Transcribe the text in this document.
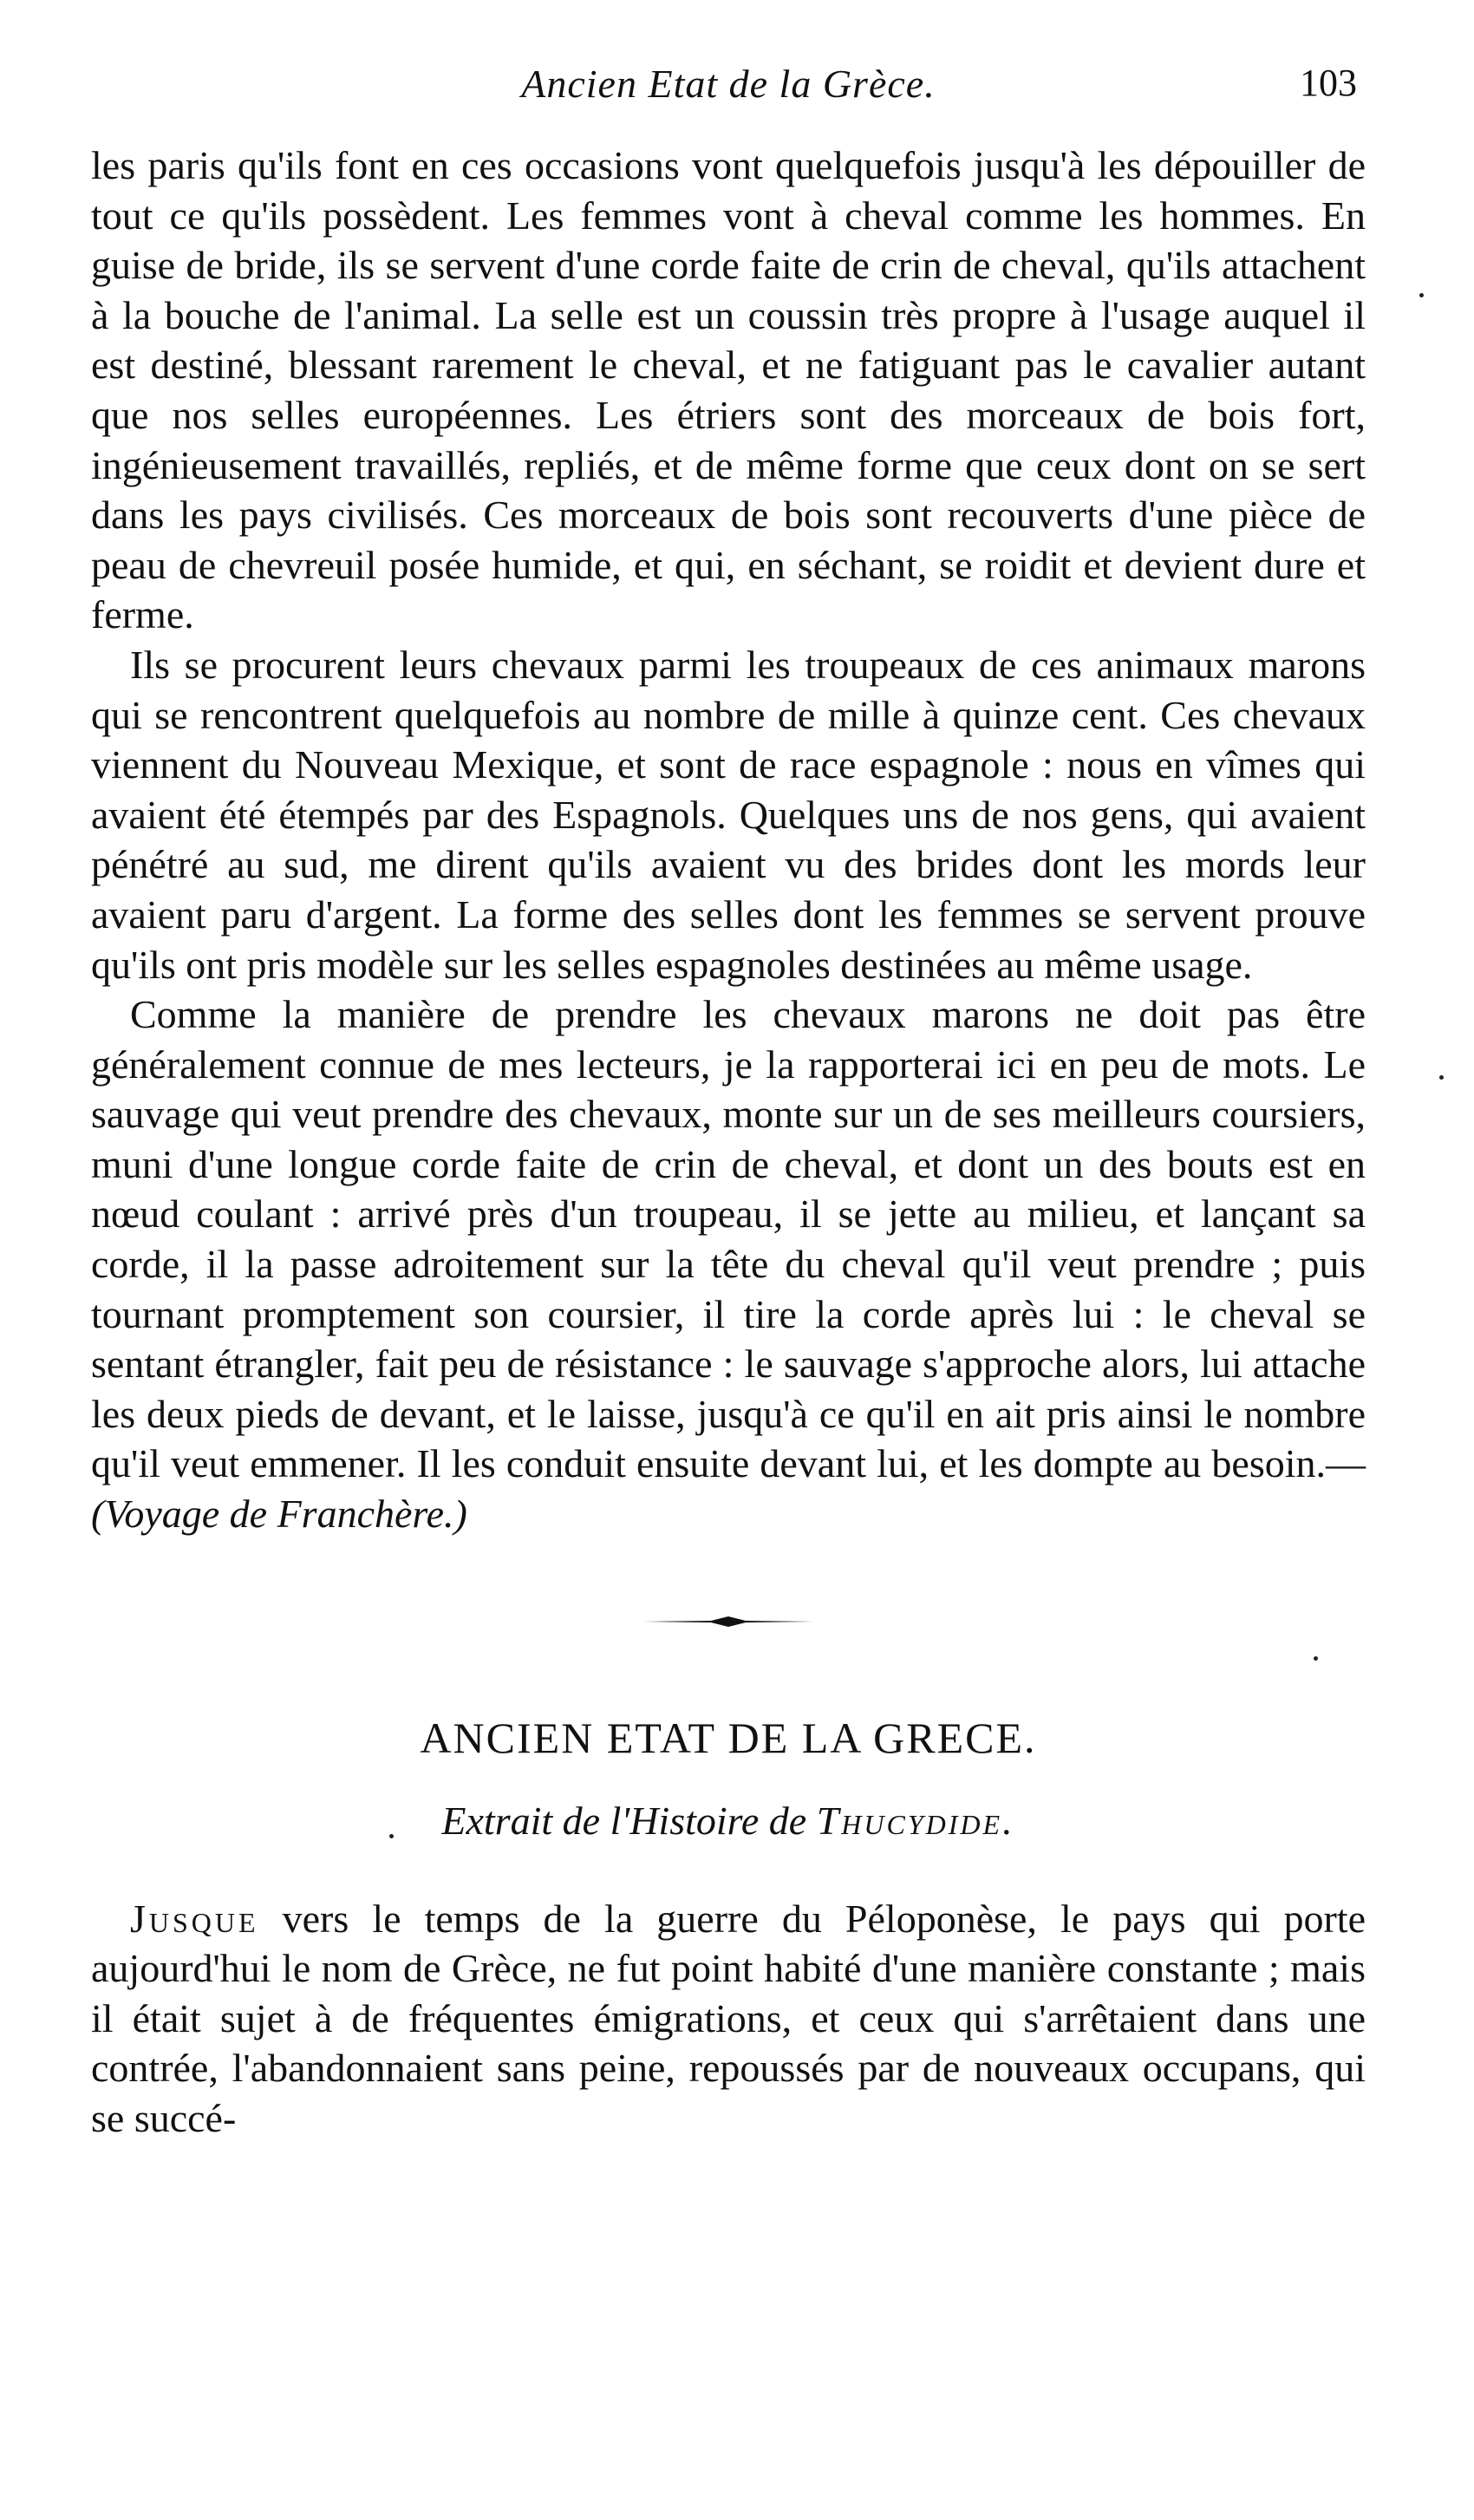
Ancien Etat de la Grèce.	103

les paris qu'ils font en ces occasions vont quelquefois jusqu'à les dépouiller de tout ce qu'ils possèdent. Les femmes vont à cheval comme les hommes. En guise de bride, ils se servent d'une corde faite de crin de cheval, qu'ils attachent à la bouche de l'animal. La selle est un coussin très propre à l'usage auquel il est destiné, blessant rarement le cheval, et ne fatiguant pas le cavalier autant que nos selles européennes. Les étriers sont des morceaux de bois fort, ingénieusement travaillés, repliés, et de même forme que ceux dont on se sert dans les pays civilisés. Ces morceaux de bois sont recouverts d'une pièce de peau de chevreuil posée humide, et qui, en séchant, se roidit et devient dure et ferme.

Ils se procurent leurs chevaux parmi les troupeaux de ces animaux marons qui se rencontrent quelquefois au nombre de mille à quinze cent. Ces chevaux viennent du Nouveau Mexique, et sont de race espagnole : nous en vîmes qui avaient été étempés par des Espagnols. Quelques uns de nos gens, qui avaient pénétré au sud, me dirent qu'ils avaient vu des brides dont les mords leur avaient paru d'argent. La forme des selles dont les femmes se servent prouve qu'ils ont pris modèle sur les selles espagnoles destinées au même usage.

Comme la manière de prendre les chevaux marons ne doit pas être généralement connue de mes lecteurs, je la rapporterai ici en peu de mots. Le sauvage qui veut prendre des chevaux, monte sur un de ses meilleurs coursiers, muni d'une longue corde faite de crin de cheval, et dont un des bouts est en nœud coulant : arrivé près d'un troupeau, il se jette au milieu, et lançant sa corde, il la passe adroitement sur la tête du cheval qu'il veut prendre ; puis tournant promptement son coursier, il tire la corde après lui : le cheval se sentant étrangler, fait peu de résistance : le sauvage s'approche alors, lui attache les deux pieds de devant, et le laisse, jusqu'à ce qu'il en ait pris ainsi le nombre qu'il veut emmener. Il les conduit ensuite devant lui, et les dompte au besoin.—(Voyage de Franchère.)

ANCIEN ETAT DE LA GRECE.

Extrait de l'Histoire de Thucydide.

Jusque vers le temps de la guerre du Péloponèse, le pays qui porte aujourd'hui le nom de Grèce, ne fut point habité d'une manière constante ; mais il était sujet à de fréquentes émigrations, et ceux qui s'arrêtaient dans une contrée, l'abandonnaient sans peine, repoussés par de nouveaux occupans, qui se succé-
